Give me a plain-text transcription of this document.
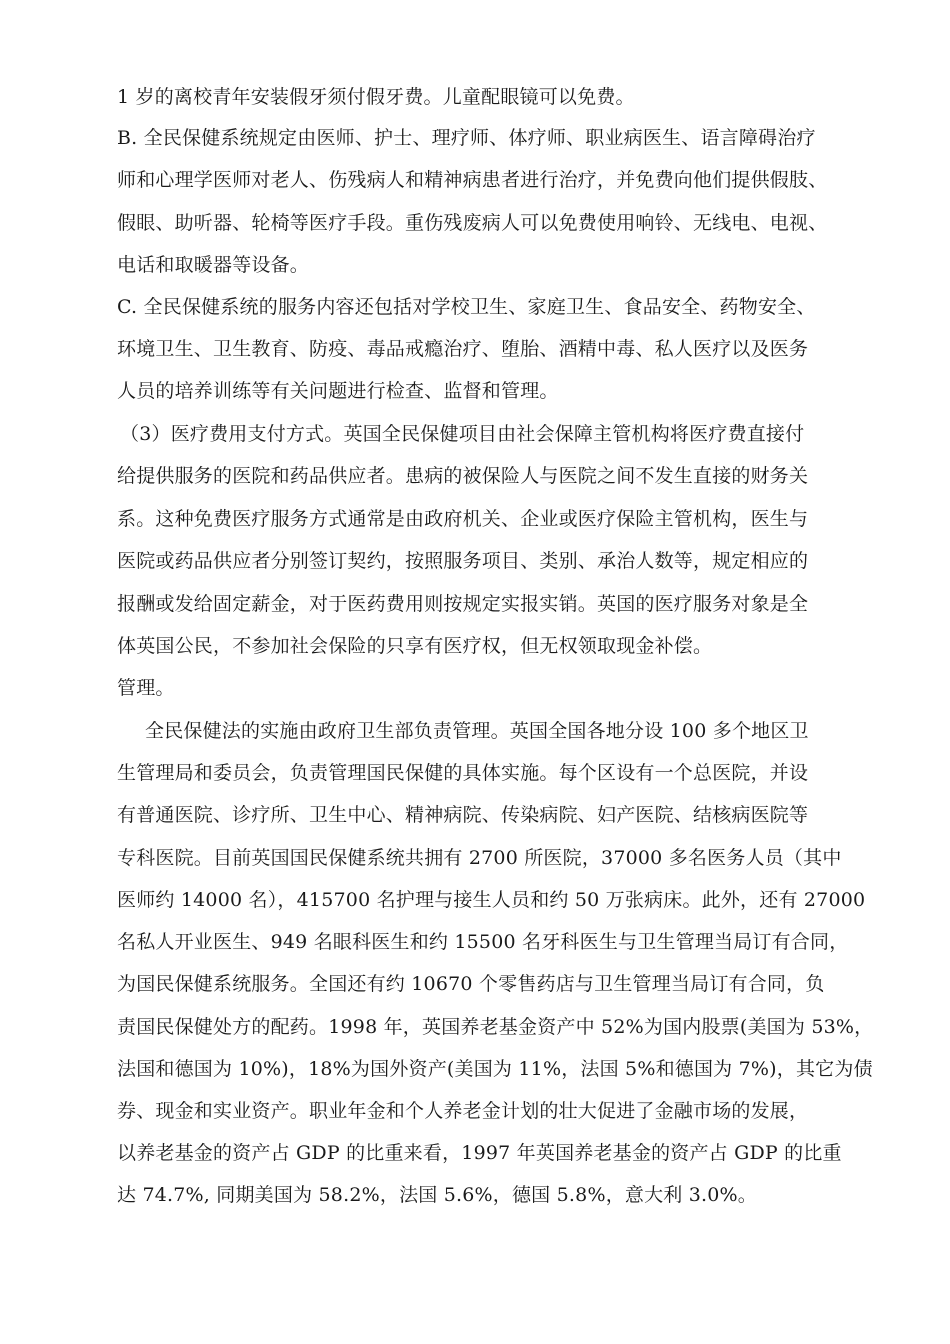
1 岁的离校青年安装假牙须付假牙费。儿童配眼镜可以免费。

B. 全民保健系统规定由医师、护士、理疗师、体疗师、职业病医生、语言障碍治疗

师和心理学医师对老人、伤残病人和精神病患者进行治疗，并免费向他们提供假肢、

假眼、助听器、轮椅等医疗手段。重伤残废病人可以免费使用响铃、无线电、电视、

电话和取暖器等设备。

C. 全民保健系统的服务内容还包括对学校卫生、家庭卫生、食品安全、药物安全、

环境卫生、卫生教育、防疫、毒品戒瘾治疗、堕胎、酒精中毒、私人医疗以及医务

人员的培养训练等有关问题进行检查、监督和管理。

（3）医疗费用支付方式。英国全民保健项目由社会保障主管机构将医疗费直接付

给提供服务的医院和药品供应者。患病的被保险人与医院之间不发生直接的财务关

系。这种免费医疗服务方式通常是由政府机关、企业或医疗保险主管机构，医生与

医院或药品供应者分别签订契约，按照服务项目、类别、承治人数等，规定相应的

报酬或发给固定薪金，对于医药费用则按规定实报实销。英国的医疗服务对象是全

体英国公民，不参加社会保险的只享有医疗权，但无权领取现金补偿。

管理。

全民保健法的实施由政府卫生部负责管理。英国全国各地分设 100 多个地区卫

生管理局和委员会，负责管理国民保健的具体实施。每个区设有一个总医院，并设

有普通医院、诊疗所、卫生中心、精神病院、传染病院、妇产医院、结核病医院等

专科医院。目前英国国民保健系统共拥有 2700 所医院，37000 多名医务人员（其中

医师约 14000 名），415700 名护理与接生人员和约 50 万张病床。此外，还有 27000

名私人开业医生、949 名眼科医生和约 15500 名牙科医生与卫生管理当局订有合同，

为国民保健系统服务。全国还有约 10670 个零售药店与卫生管理当局订有合同，负

责国民保健处方的配药。1998 年，英国养老基金资产中 52%为国内股票(美国为 53%，

法国和德国为 10%)，18%为国外资产(美国为 11%，法国 5%和德国为 7%)，其它为债

券、现金和实业资产。职业年金和个人养老金计划的壮大促进了金融市场的发展，

以养老基金的资产占 GDP 的比重来看，1997 年英国养老基金的资产占 GDP 的比重

达 74.7%, 同期美国为 58.2%，法国 5.6%，德国 5.8%，意大利 3.0%。
